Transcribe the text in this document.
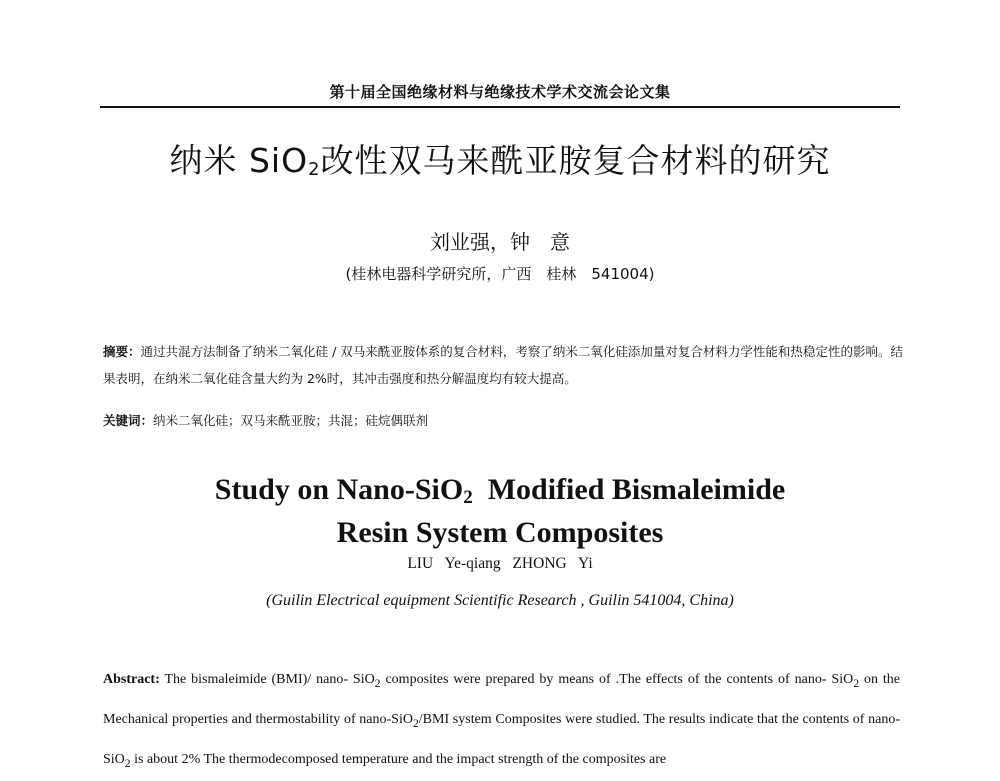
第十届全国绝缘材料与绝缘技术学术交流会论文集
纳米 SiO$_2$改性双马来酰亚胺复合材料的研究
刘业强，钟　意
(桂林电器科学研究所，广西　桂林　541004)
摘要：通过共混方法制备了纳米二氧化硅 / 双马来酰亚胺体系的复合材料，考察了纳米二氧化硅添加量对复合材料力学性能和热稳定性的影响。结果表明，在纳米二氧化硅含量大约为 2%时，其冲击强度和热分解温度均有较大提高。
关键词：纳米二氧化硅；双马来酰亚胺；共混；硅烷偶联剂
Study on Nano-SiO$_2$ Modified Bismaleimide
Resin System Composites
LIU Ye-qiang ZHONG Yi
(Guilin Electrical equipment Scientific Research , Guilin 541004, China)
Abstract: The bismaleimide (BMI)/ nano- SiO$_2$ composites were prepared by means of .The effects of the contents of nano- SiO$_2$ on the Mechanical properties and thermostability of nano-SiO$_2$/BMI system Composites were studied. The results indicate that the contents of nano-SiO$_2$ is about 2% The thermodecomposed temperature and the impact strength of the composites are
